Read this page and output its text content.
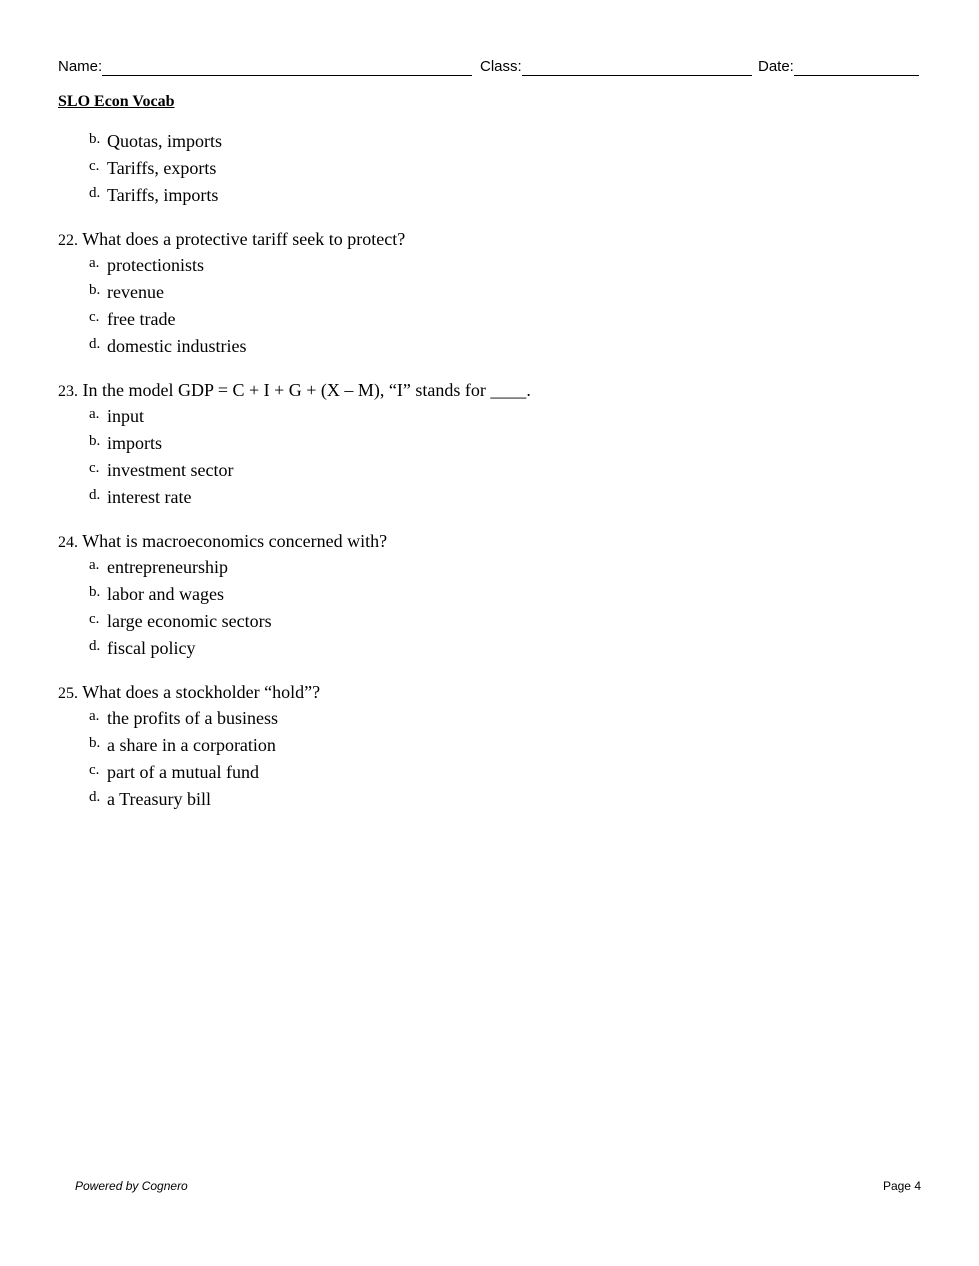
Name:	Class:	Date:
SLO Econ Vocab
b. Quotas, imports
c. Tariffs, exports
d. Tariffs, imports
22. What does a protective tariff seek to protect?
a. protectionists
b. revenue
c. free trade
d. domestic industries
23. In the model GDP = C + I + G + (X – M), “I” stands for ____.
a. input
b. imports
c. investment sector
d. interest rate
24. What is macroeconomics concerned with?
a. entrepreneurship
b. labor and wages
c. large economic sectors
d. fiscal policy
25. What does a stockholder “hold”?
a. the profits of a business
b. a share in a corporation
c. part of a mutual fund
d. a Treasury bill
Powered by Cognero	Page 4
